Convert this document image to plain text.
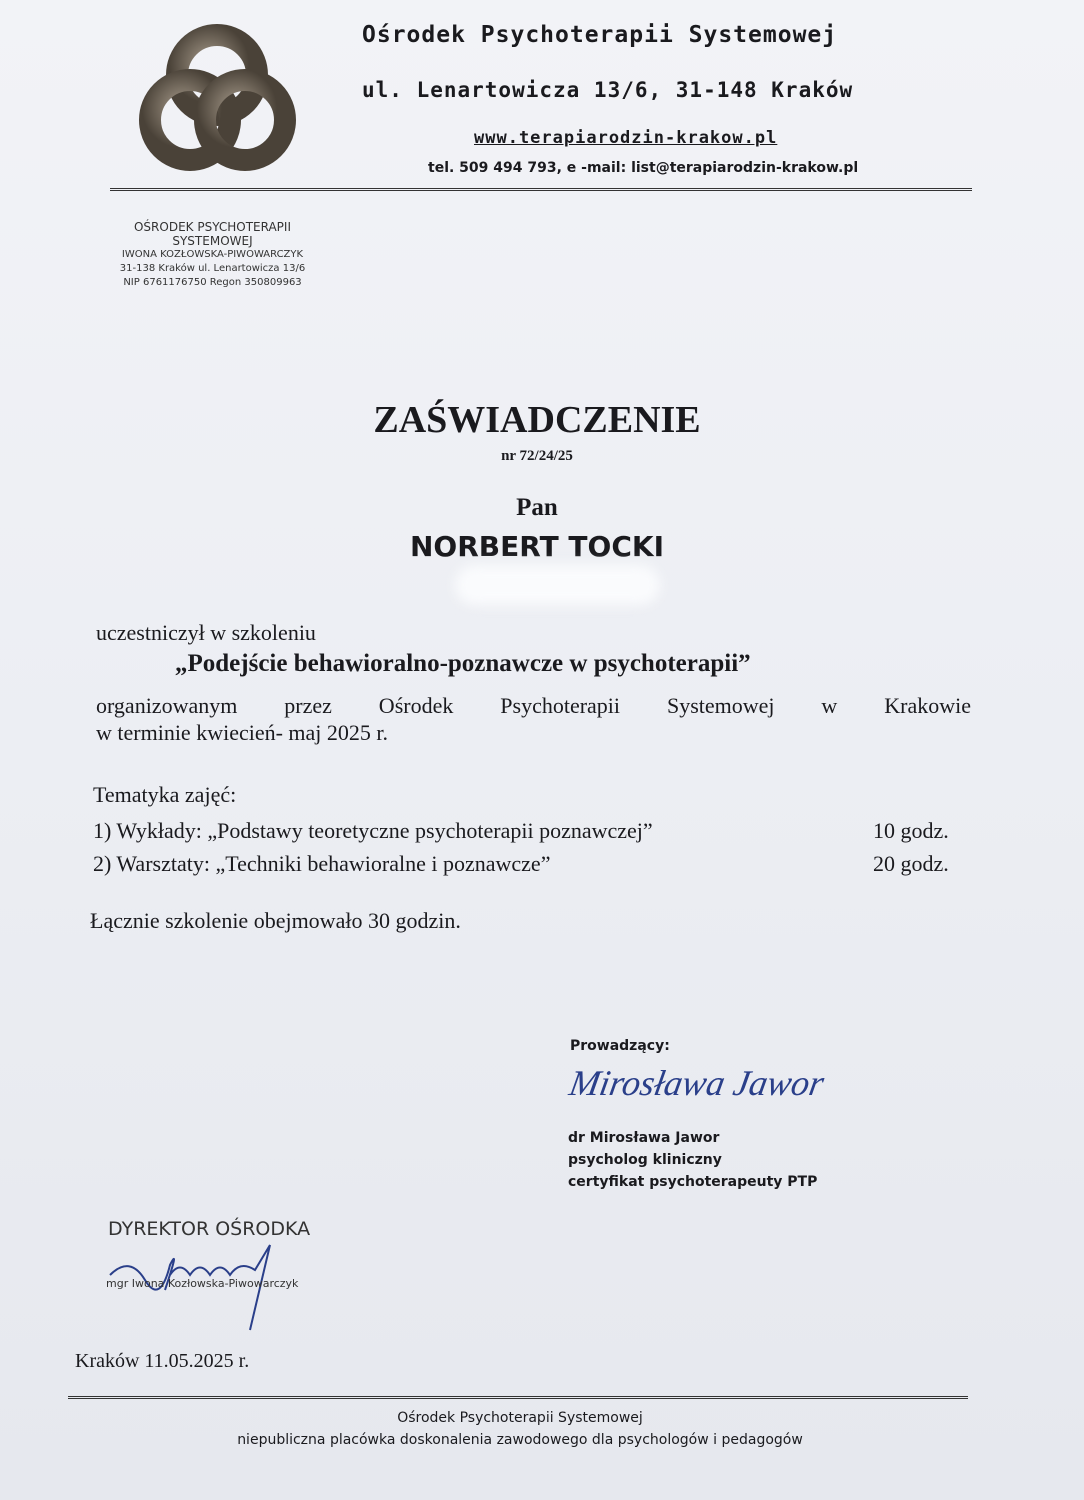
Ośrodek Psychoterapii Systemowej
ul. Lenartowicza 13/6, 31-148 Kraków
www.terapiarodzin-krakow.pl
tel. 509 494 793, e -mail: list@terapiarodzin-krakow.pl
OŚRODEK PSYCHOTERAPII
SYSTEMOWEJ
IWONA KOZŁOWSKA-PIWOWARCZYK
31-138 Kraków ul. Lenartowicza 13/6
NIP 6761176750 Regon 350809963
ZAŚWIADCZENIE
nr 72/24/25
Pan
NORBERT TOCKI
uczestniczył w szkoleniu
„Podejście behawioralno-poznawcze w psychoterapii”
organizowanym  przez  Ośrodek  Psychoterapii  Systemowej  w  Krakowie
w terminie kwiecień- maj 2025 r.
Tematyka zajęć:
1) Wykłady: „Podstawy teoretyczne psychoterapii poznawczej”	10 godz.
2) Warsztaty: „Techniki behawioralne i poznawcze”	20 godz.
Łącznie szkolenie obejmowało 30 godzin.
Prowadzący:
Mirosława Jawor
dr Mirosława Jawor
psycholog kliniczny
certyfikat psychoterapeuty PTP
DYREKTOR OŚRODKA
mgr Iwona Kozłowska-Piwowarczyk
Kraków 11.05.2025 r.
Ośrodek Psychoterapii Systemowej
niepubliczna placówka doskonalenia zawodowego dla psychologów i pedagogów
